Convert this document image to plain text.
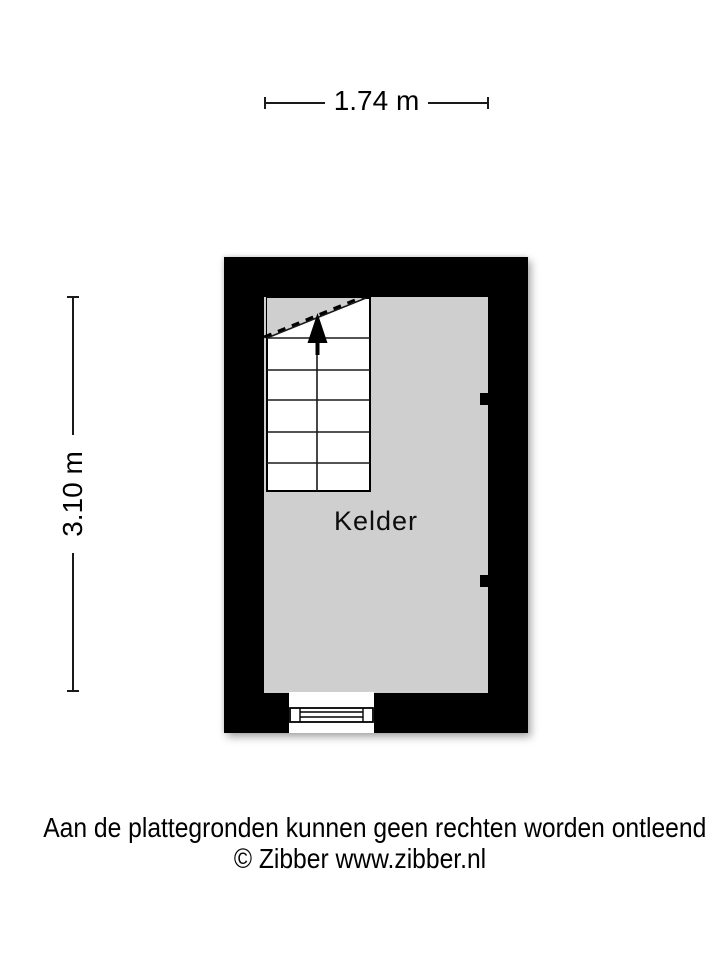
1.74 m
3.10 m	Kelder
Aan de plattegronden kunnen geen rechten worden ontleend
© Zibber www.zibber.nl
